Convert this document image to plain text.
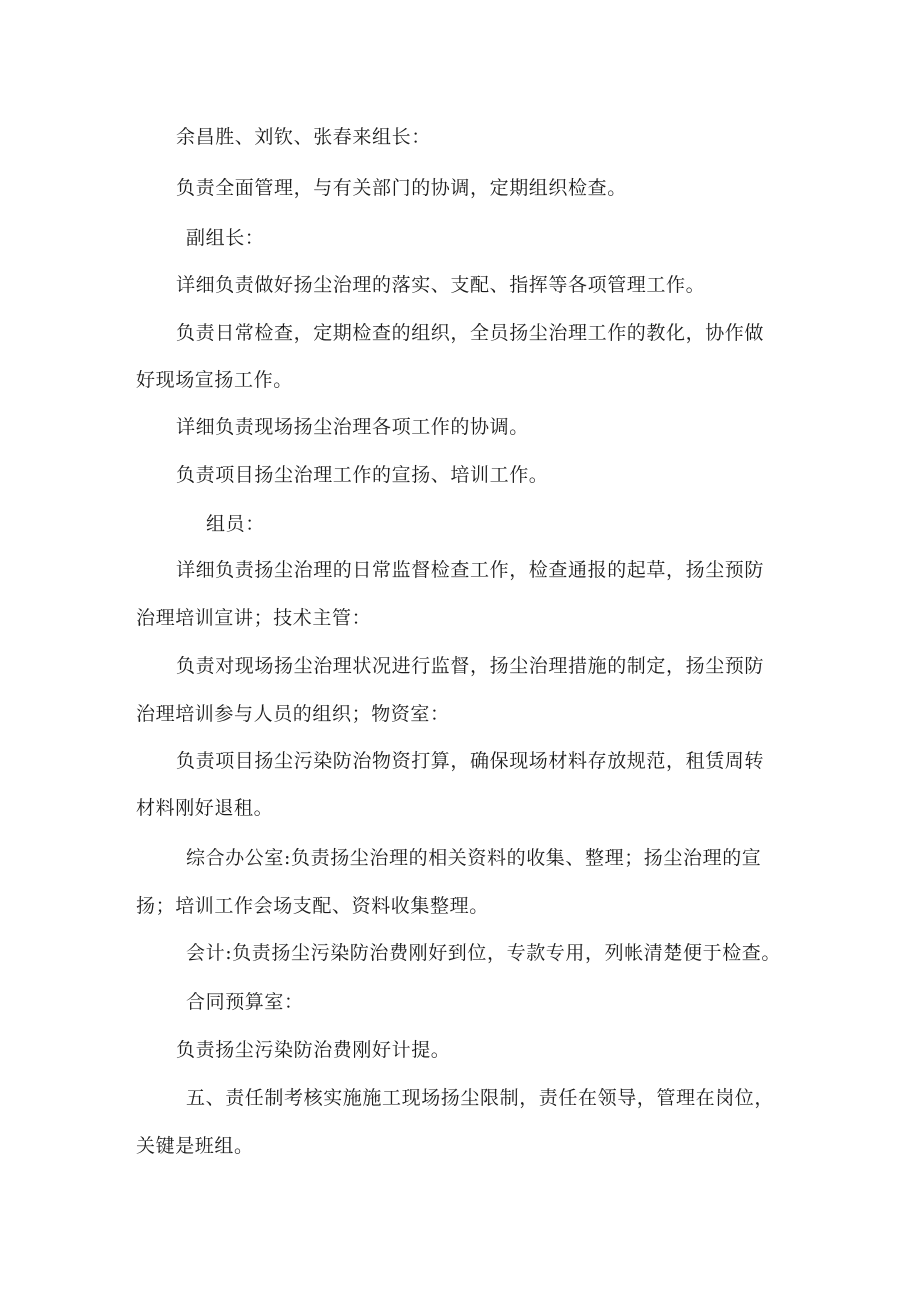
余昌胜、刘钦、张春来组长：
负责全面管理，与有关部门的协调，定期组织检查。
副组长：
详细负责做好扬尘治理的落实、支配、指挥等各项管理工作。
负责日常检查，定期检查的组织，全员扬尘治理工作的教化，协作做
好现场宣扬工作。
详细负责现场扬尘治理各项工作的协调。
负责项目扬尘治理工作的宣扬、培训工作。
组员：
详细负责扬尘治理的日常监督检查工作，检查通报的起草，扬尘预防
治理培训宣讲；技术主管：
负责对现场扬尘治理状况进行监督，扬尘治理措施的制定，扬尘预防
治理培训参与人员的组织；物资室：
负责项目扬尘污染防治物资打算，确保现场材料存放规范，租赁周转
材料刚好退租。
综合办公室:负责扬尘治理的相关资料的收集、整理；扬尘治理的宣
扬；培训工作会场支配、资料收集整理。
会计:负责扬尘污染防治费刚好到位，专款专用，列帐清楚便于检查。
合同预算室：
负责扬尘污染防治费刚好计提。
五、责任制考核实施施工现场扬尘限制，责任在领导，管理在岗位，
关键是班组。
